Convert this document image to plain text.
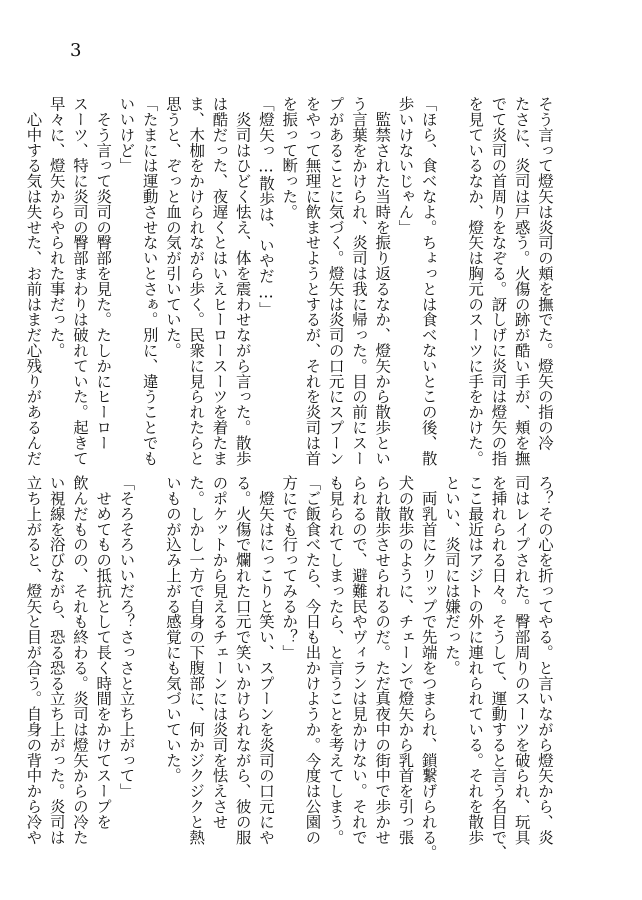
3
そう言って燈矢は炎司の頬を撫でた。燈矢の指の冷
たさに、炎司は戸惑う。火傷の跡が酷い手が、頬を撫
でて炎司の首周りをなぞる。訝しげに炎司は燈矢の指
を見ているなか、燈矢は胸元のスーツに手をかけた。

「ほら、食べなよ。ちょっとは食べないとこの後、散
歩いけないじゃん」
　監禁された当時を振り返るなか、燈矢から散歩とい
う言葉をかけられ、炎司は我に帰った。目の前にスー
プがあることに気づく。燈矢は炎司の口元にスプーン
をやって無理に飲ませようとするが、それを炎司は首
を振って断った。
「燈矢っ…散歩は、いやだ…」
　炎司はひどく怯え、体を震わせながら言った。散歩
は酷だった、夜遅くとはいえヒーロースーツを着たま
ま、木枷をかけられながら歩く。民衆に見られたらと
思うと、ぞっと血の気が引いていた。
「たまには運動させないとさぁ。別に、違うことでも
いいけど」
　そう言って炎司の臀部を見た。たしかにヒーロー
スーツ、特に炎司の臀部まわりは破れていた。起きて
早々に、燈矢からやられた事だった。
　心中する気は失せた、お前はまだ心残りがあるんだ
ろ？その心を折ってやる。と言いながら燈矢から、炎
司はレイプされた。臀部周りのスーツを破られ、玩具
を挿れられる日々。そうして、運動すると言う名目で、
ここ最近はアジトの外に連れられている。それを散歩
といい、炎司には嫌だった。
　両乳首にクリップで先端をつまられ、鎖繋げられる。
犬の散歩のように、チェーンで燈矢から乳首を引っ張
られ散歩させられるのだ。ただ真夜中の街中で歩かせ
られるので、避難民やヴィランは見かけない。それで
も見られてしまったら、と言うことを考えてしまう。
「ご飯食べたら、今日も出かけようか。今度は公園の
方にでも行ってみるか？」
　燈矢はにっこりと笑い、スプーンを炎司の口元にや
る。火傷で爛れた口元で笑いかけられながら、彼の服
のポケットから見えるチェーンには炎司を怯えさせ
た。しかし一方で自身の下腹部に、何かジクジクと熱
いものが込み上がる感覚にも気づいていた。

「そろそろいいだろ？さっさと立ち上がって」
　せめてもの抵抗として長く時間をかけてスープを
飲んだものの、それも終わる。炎司は燈矢からの冷た
い視線を浴びながら、恐る恐る立ち上がった。炎司は
立ち上がると、燈矢と目が合う。自身の背中から冷や
